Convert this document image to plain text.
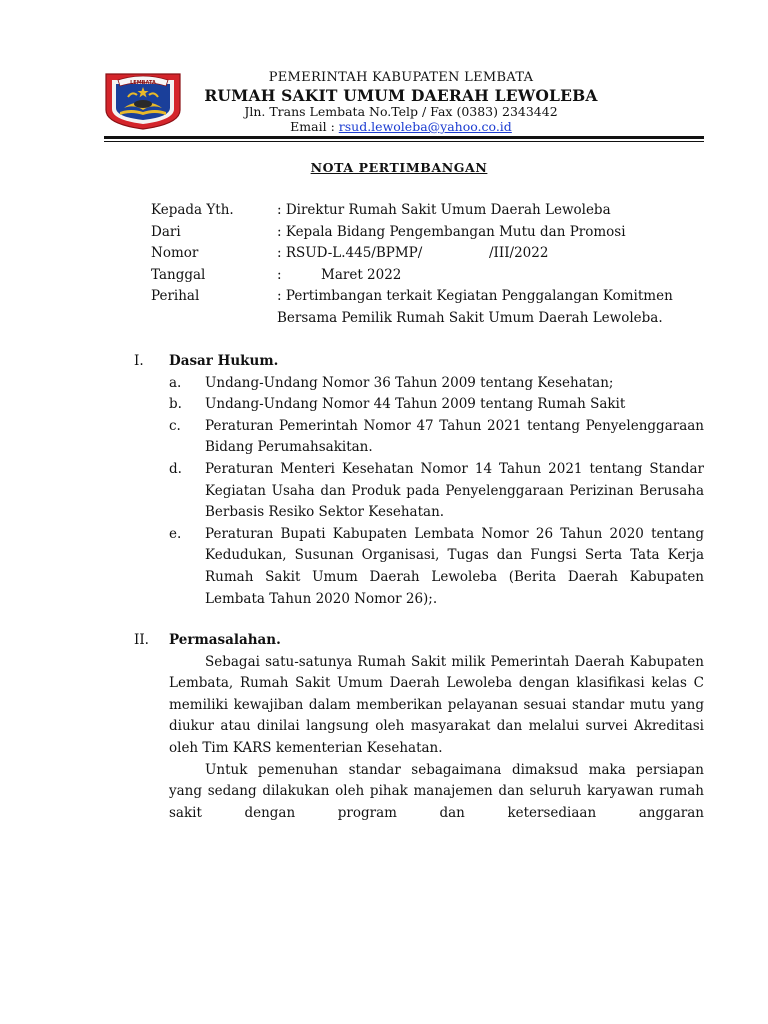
LEMBATA	PEMERINTAH KABUPATEN LEMBATA
RUMAH SAKIT UMUM DAERAH LEWOLEBA
Jln. Trans Lembata No.Telp / Fax (0383) 2343442
Email : rsud.lewoleba@yahoo.co.id
NOTA PERTIMBANGAN
Kepada Yth.	: Direktur Rumah Sakit Umum Daerah Lewoleba
Dari	: Kepala Bidang Pengembangan Mutu dan Promosi
Nomor	: RSUD-L.445/BPMP/	/III/2022
Tanggal	:	Maret 2022
Perihal	: Pertimbangan terkait Kegiatan Penggalangan Komitmen
Bersama Pemilik Rumah Sakit Umum Daerah Lewoleba.
I. Dasar Hukum.
a. Undang-Undang Nomor 36 Tahun 2009 tentang Kesehatan;
b. Undang-Undang Nomor 44 Tahun 2009 tentang Rumah Sakit
c. Peraturan Pemerintah Nomor 47 Tahun 2021 tentang Penyelenggaraan Bidang Perumahsakitan.
d. Peraturan Menteri Kesehatan Nomor 14 Tahun 2021 tentang Standar Kegiatan Usaha dan Produk pada Penyelenggaraan Perizinan Berusaha Berbasis Resiko Sektor Kesehatan.
e. Peraturan Bupati Kabupaten Lembata Nomor 26 Tahun 2020 tentang Kedudukan, Susunan Organisasi, Tugas dan Fungsi Serta Tata Kerja Rumah Sakit Umum Daerah Lewoleba (Berita Daerah Kabupaten Lembata Tahun 2020 Nomor 26);.
II. Permasalahan.
Sebagai satu-satunya Rumah Sakit milik Pemerintah Daerah Kabupaten Lembata, Rumah Sakit Umum Daerah Lewoleba dengan klasifikasi kelas C memiliki kewajiban dalam memberikan pelayanan sesuai standar mutu yang diukur atau dinilai langsung oleh masyarakat dan melalui survei Akreditasi oleh Tim KARS kementerian Kesehatan.
Untuk pemenuhan standar sebagaimana dimaksud maka persiapan yang sedang dilakukan oleh pihak manajemen dan seluruh karyawan rumah sakit dengan program dan ketersediaan anggaran
